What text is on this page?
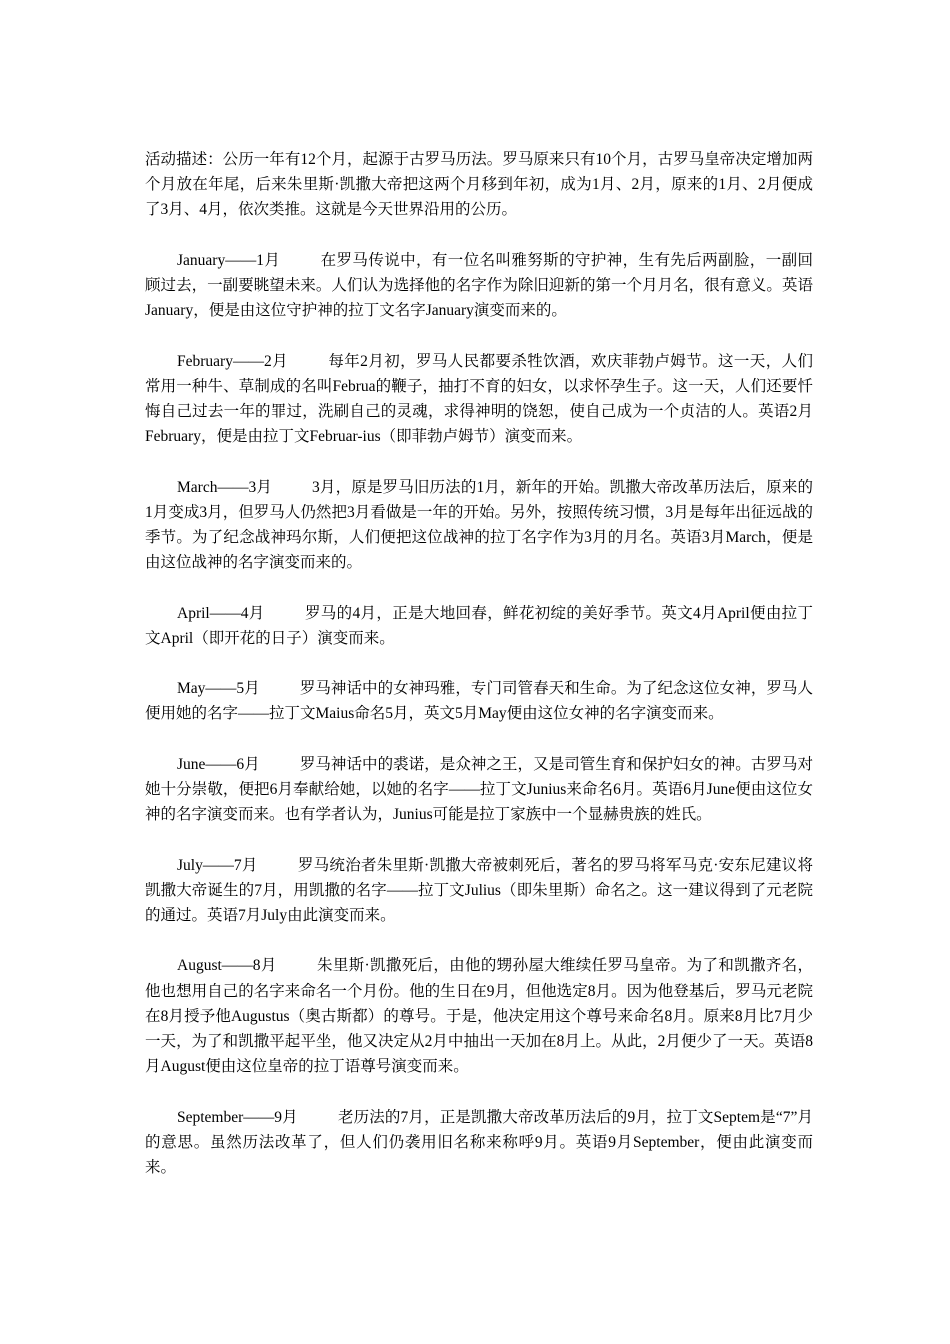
活动描述：公历一年有12个月，起源于古罗马历法。罗马原来只有10个月，古罗马皇帝决定增加两个月放在年尾，后来朱里斯·凯撒大帝把这两个月移到年初，成为1月、2月，原来的1月、2月便成了3月、4月，依次类推。这就是今天世界沿用的公历。

January——1月	在罗马传说中，有一位名叫雅努斯的守护神，生有先后两副脸，一副回顾过去，一副要眺望未来。人们认为选择他的名字作为除旧迎新的第一个月月名，很有意义。英语January，便是由这位守护神的拉丁文名字January演变而来的。

February——2月	每年2月初，罗马人民都要杀牲饮酒，欢庆菲勃卢姆节。这一天，人们常用一种牛、草制成的名叫Februa的鞭子，抽打不育的妇女，以求怀孕生子。这一天，人们还要忏悔自己过去一年的罪过，洗刷自己的灵魂，求得神明的饶恕，使自己成为一个贞洁的人。英语2月February，便是由拉丁文Februar-ius（即菲勃卢姆节）演变而来。

March——3月	3月，原是罗马旧历法的1月，新年的开始。凯撒大帝改革历法后，原来的1月变成3月，但罗马人仍然把3月看做是一年的开始。另外，按照传统习惯，3月是每年出征远战的季节。为了纪念战神玛尔斯，人们便把这位战神的拉丁名字作为3月的月名。英语3月March，便是由这位战神的名字演变而来的。

April——4月	罗马的4月，正是大地回春，鲜花初绽的美好季节。英文4月April便由拉丁文April（即开花的日子）演变而来。

May——5月	罗马神话中的女神玛雅，专门司管春天和生命。为了纪念这位女神，罗马人便用她的名字——拉丁文Maius命名5月，英文5月May便由这位女神的名字演变而来。

June——6月	罗马神话中的裘诺，是众神之王，又是司管生育和保护妇女的神。古罗马对她十分崇敬，便把6月奉献给她，以她的名字——拉丁文Junius来命名6月。英语6月June便由这位女神的名字演变而来。也有学者认为，Junius可能是拉丁家族中一个显赫贵族的姓氏。

July——7月	罗马统治者朱里斯·凯撒大帝被刺死后，著名的罗马将军马克·安东尼建议将凯撒大帝诞生的7月，用凯撒的名字——拉丁文Julius（即朱里斯）命名之。这一建议得到了元老院的通过。英语7月July由此演变而来。

August——8月	朱里斯·凯撒死后，由他的甥孙屋大维续任罗马皇帝。为了和凯撒齐名，他也想用自己的名字来命名一个月份。他的生日在9月，但他选定8月。因为他登基后，罗马元老院在8月授予他Augustus（奥古斯都）的尊号。于是，他决定用这个尊号来命名8月。原来8月比7月少一天，为了和凯撒平起平坐，他又决定从2月中抽出一天加在8月上。从此，2月便少了一天。英语8月August便由这位皇帝的拉丁语尊号演变而来。

September——9月	老历法的7月，正是凯撒大帝改革历法后的9月，拉丁文Septem是“7”月的意思。虽然历法改革了，但人们仍袭用旧名称来称呼9月。英语9月September，便由此演变而来。
